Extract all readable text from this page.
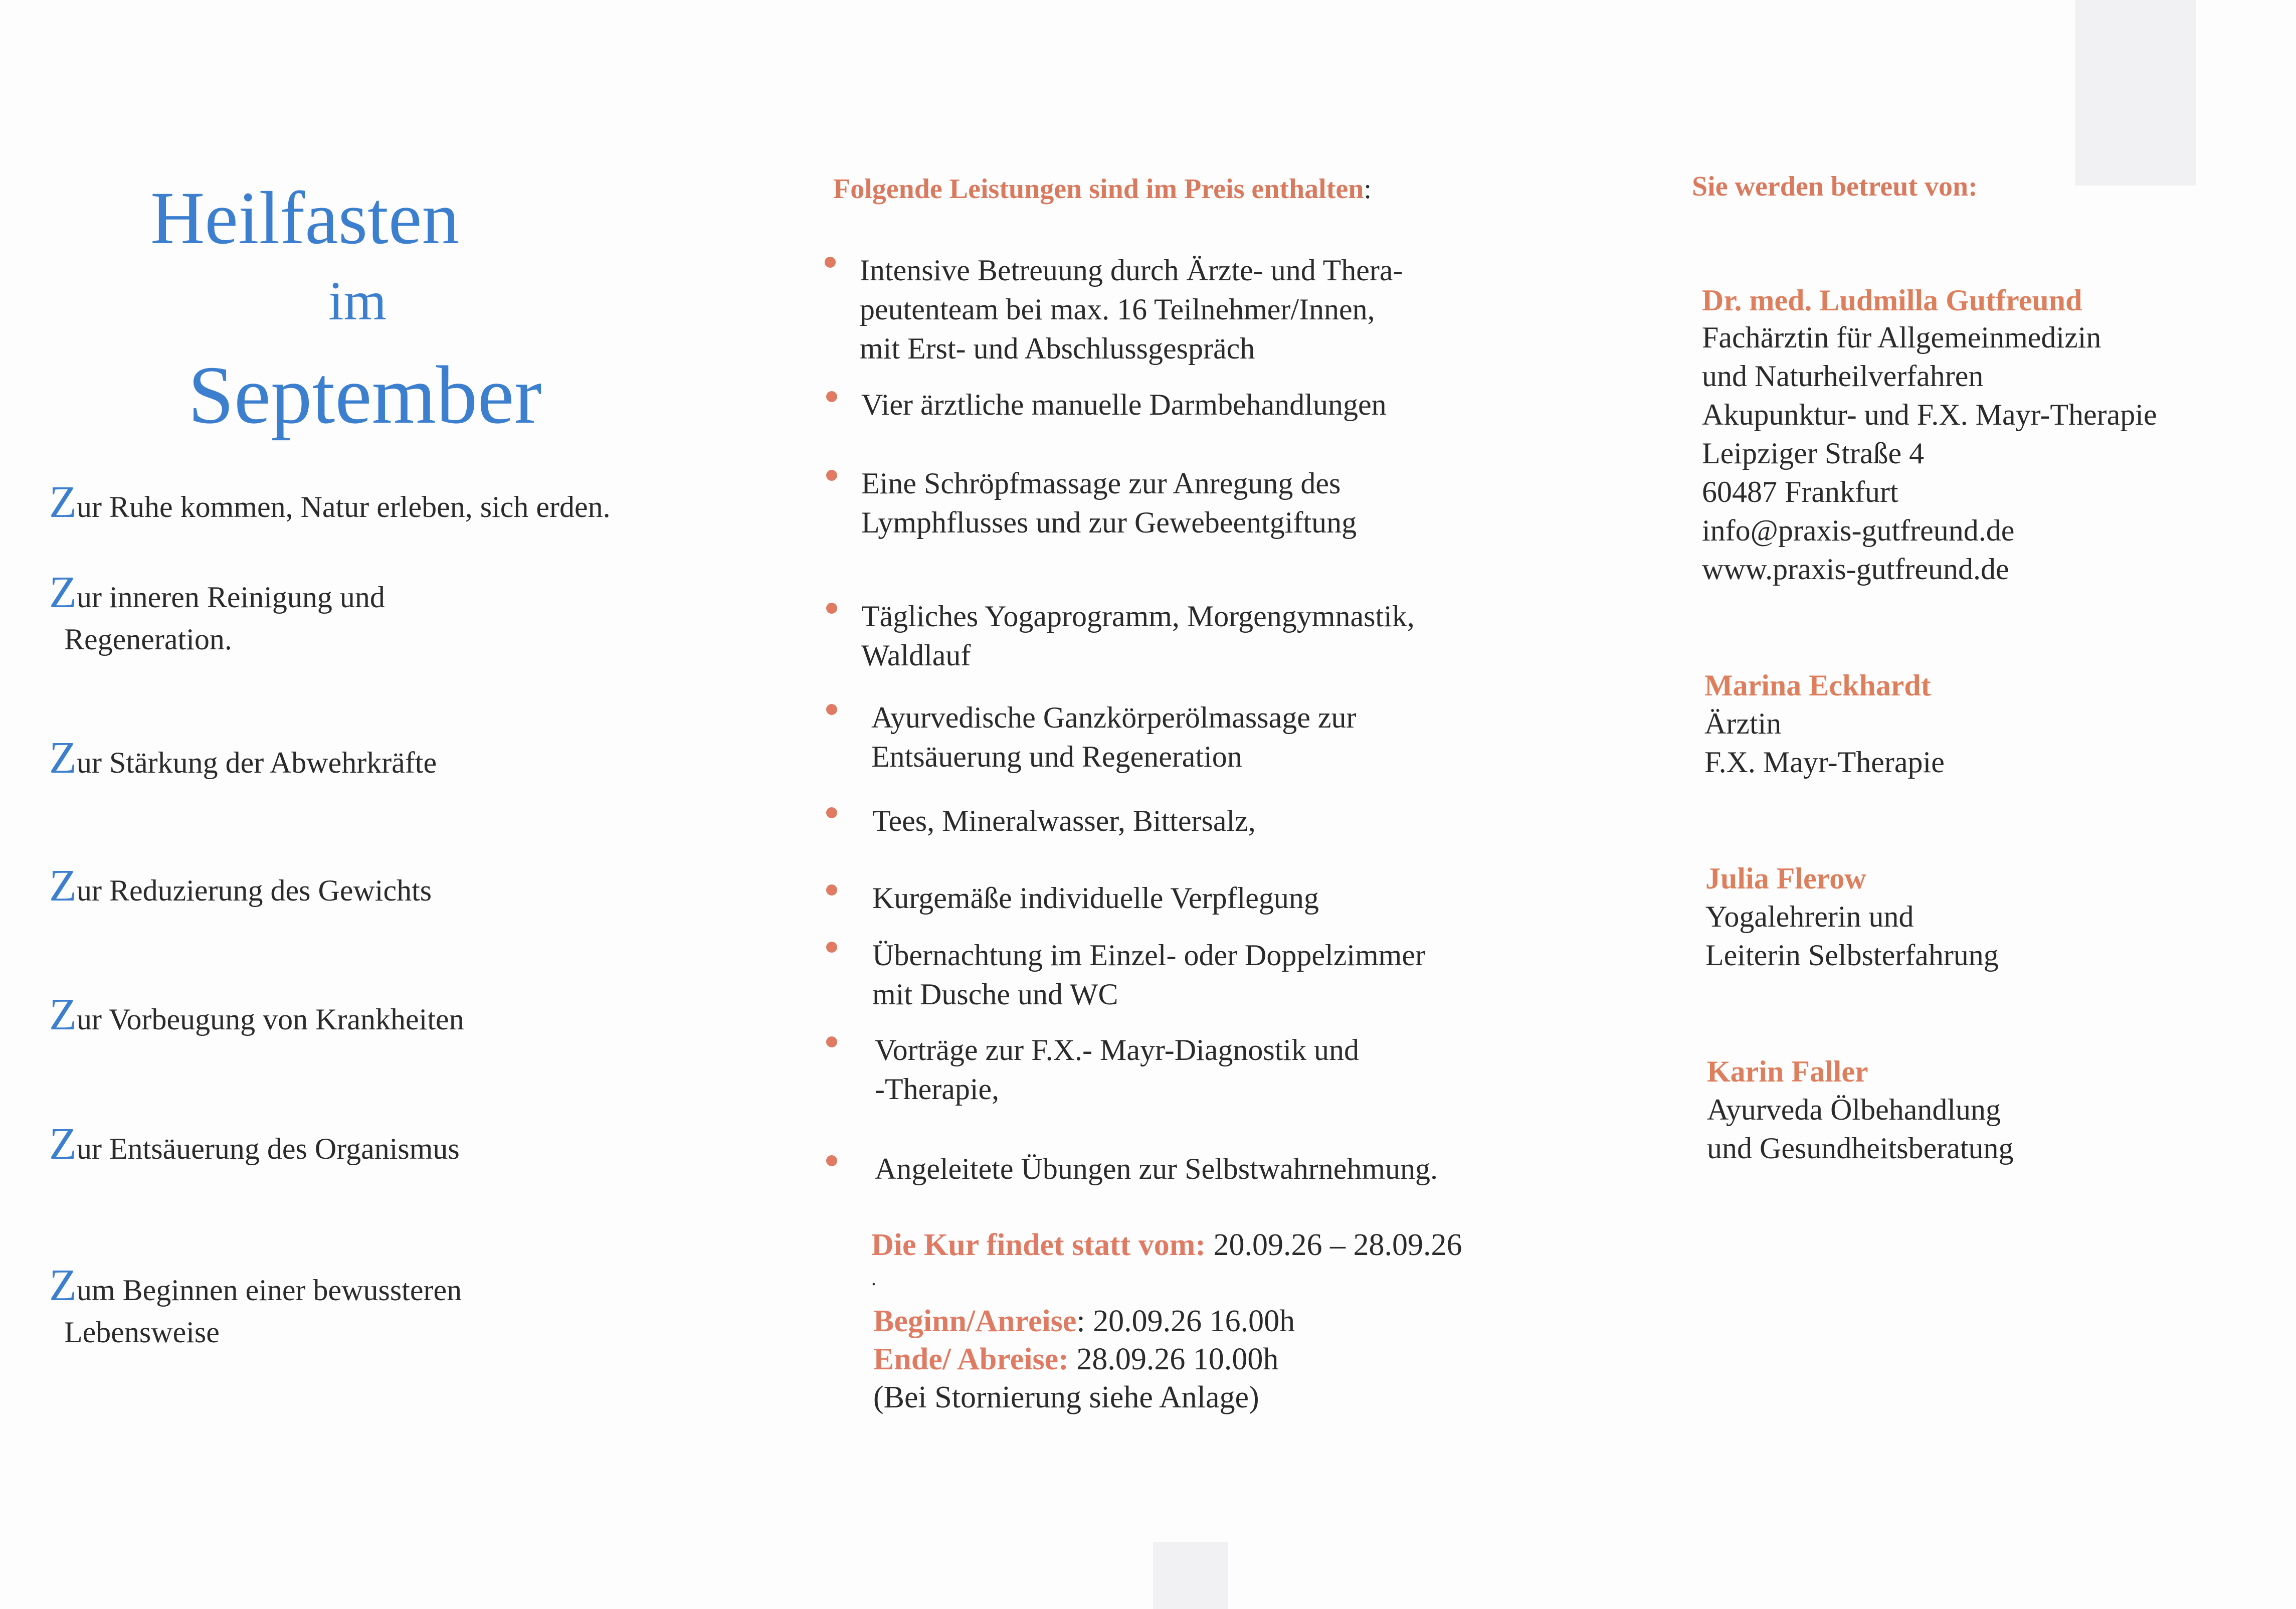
Heilfasten
im
September
Zur Ruhe kommen, Natur erleben, sich erden.
Zur inneren Reinigung und
Regeneration.
Zur Stärkung der Abwehrkräfte
Zur Reduzierung des Gewichts
Zur Vorbeugung von Krankheiten
Zur Entsäuerung des Organismus
Zum Beginnen einer bewussteren
Lebensweise
Folgende Leistungen sind im Preis enthalten:
Intensive Betreuung durch Ärzte- und Thera-
peutenteam bei max. 16 Teilnehmer/Innen,
mit Erst- und Abschlussgespräch
Vier ärztliche manuelle Darmbehandlungen
Eine Schröpfmassage zur Anregung des
Lymphflusses und zur Gewebeentgiftung
Tägliches Yogaprogramm, Morgengymnastik,
Waldlauf
Ayurvedische Ganzkörperölmassage zur
Entsäuerung und Regeneration
Tees, Mineralwasser, Bittersalz,
Kurgemäße individuelle Verpflegung
Übernachtung im Einzel- oder Doppelzimmer
mit Dusche und WC
Vorträge zur F.X.- Mayr-Diagnostik und
-Therapie,
Angeleitete Übungen zur Selbstwahrnehmung.
Die Kur findet statt vom: 20.09.26 – 28.09.26
.
Beginn/Anreise: 20.09.26 16.00h
Ende/ Abreise: 28.09.26 10.00h
(Bei Stornierung siehe Anlage)
Sie werden betreut von:
Dr. med. Ludmilla Gutfreund
Fachärztin für Allgemeinmedizin
und Naturheilverfahren
Akupunktur- und F.X. Mayr-Therapie
Leipziger Straße 4
60487 Frankfurt
info@praxis-gutfreund.de
www.praxis-gutfreund.de
Marina Eckhardt
Ärztin
F.X. Mayr-Therapie
Julia Flerow
Yogalehrerin und
Leiterin Selbsterfahrung
Karin Faller
Ayurveda Ölbehandlung
und Gesundheitsberatung
